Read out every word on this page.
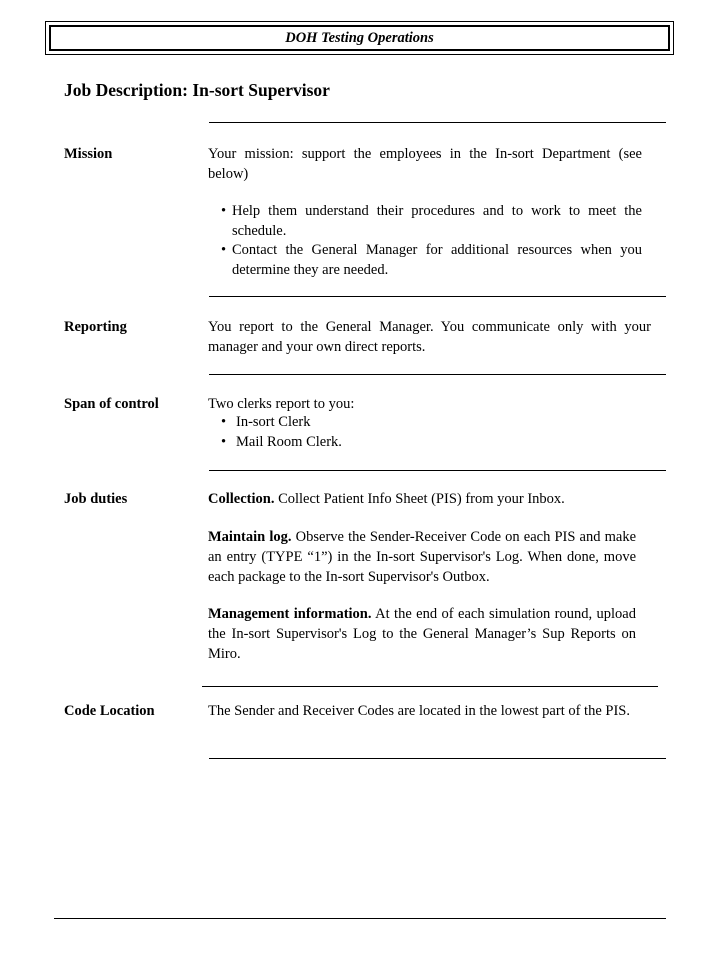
DOH Testing Operations
Job Description: In-sort Supervisor
Mission	Your mission: support the employees in the In-sort Department (see below)

• Help them understand their procedures and to work to meet the schedule.
• Contact the General Manager for additional resources when you determine they are needed.
Reporting	You report to the General Manager. You communicate only with your manager and your own direct reports.

Span of control	Two clerks report to you:

• In-sort Clerk
• Mail Room Clerk.
Job duties	Collection. Collect Patient Info Sheet (PIS) from your Inbox.

Maintain log. Observe the Sender-Receiver Code on each PIS and make an entry (TYPE “1”) in the In-sort Supervisor's Log. When done, move each package to the In-sort Supervisor's Outbox.

Management information. At the end of each simulation round, upload the In-sort Supervisor's Log to the General Manager’s Sup Reports on Miro.

Code Location	The Sender and Receiver Codes are located in the lowest part of the PIS.
